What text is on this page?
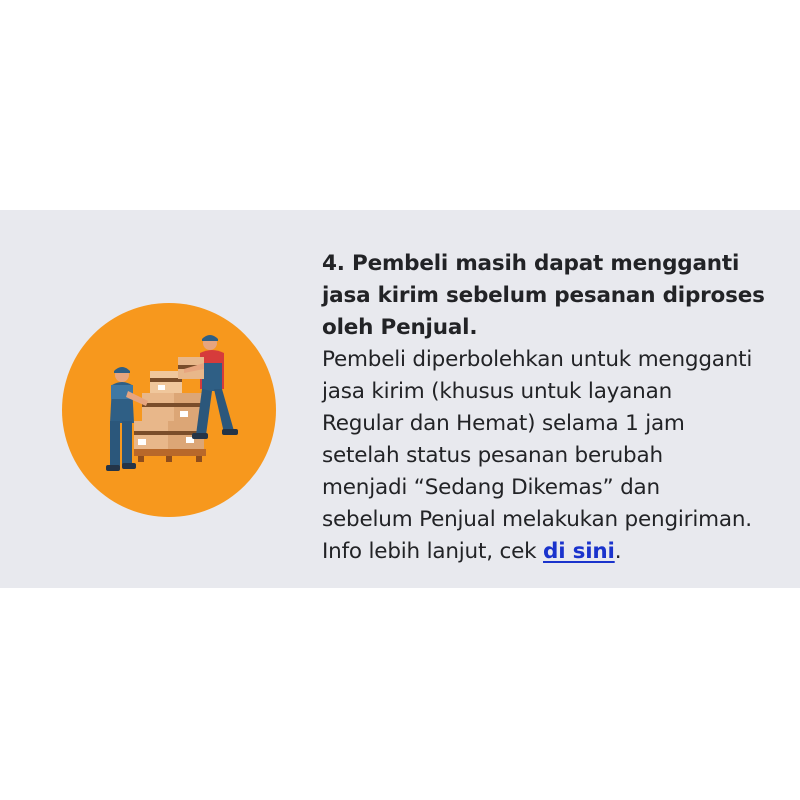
4. Pembeli masih dapat mengganti
jasa kirim sebelum pesanan diproses
oleh Penjual.

Pembeli diperbolehkan untuk mengganti
jasa kirim (khusus untuk layanan
Regular dan Hemat) selama 1 jam
setelah status pesanan berubah
menjadi “Sedang Dikemas” dan
sebelum Penjual melakukan pengiriman.
Info lebih lanjut, cek di sini.
